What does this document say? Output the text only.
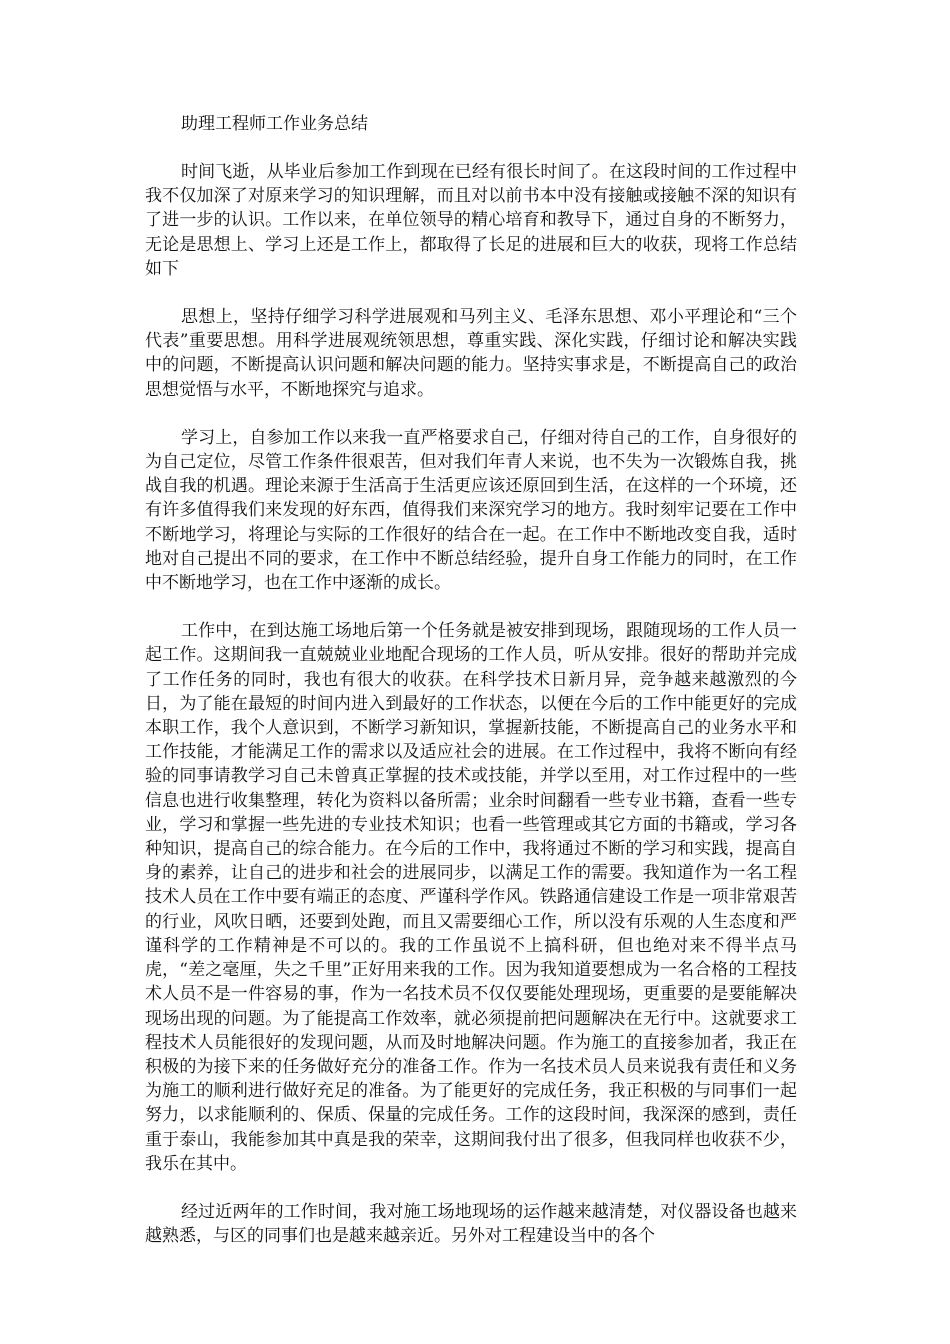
助理工程师工作业务总结

时间飞逝，从毕业后参加工作到现在已经有很长时间了。在这段时间的工作过程中我不仅加深了对原来学习的知识理解，而且对以前书本中没有接触或接触不深的知识有了进一步的认识。工作以来，在单位领导的精心培育和教导下，通过自身的不断努力，无论是思想上、学习上还是工作上，都取得了长足的进展和巨大的收获，现将工作总结如下

思想上，坚持仔细学习科学进展观和马列主义、毛泽东思想、邓小平理论和“三个代表”重要思想。用科学进展观统领思想，尊重实践、深化实践，仔细讨论和解决实践中的问题，不断提高认识问题和解决问题的能力。坚持实事求是，不断提高自己的政治思想觉悟与水平，不断地探究与追求。

学习上，自参加工作以来我一直严格要求自己，仔细对待自己的工作，自身很好的为自己定位，尽管工作条件很艰苦，但对我们年青人来说，也不失为一次锻炼自我，挑战自我的机遇。理论来源于生活高于生活更应该还原回到生活，在这样的一个环境，还有许多值得我们来发现的好东西，值得我们来深究学习的地方。我时刻牢记要在工作中不断地学习，将理论与实际的工作很好的结合在一起。在工作中不断地改变自我，适时地对自己提出不同的要求，在工作中不断总结经验，提升自身工作能力的同时，在工作中不断地学习，也在工作中逐渐的成长。

工作中，在到达施工场地后第一个任务就是被安排到现场，跟随现场的工作人员一起工作。这期间我一直兢兢业业地配合现场的工作人员，听从安排。很好的帮助并完成了工作任务的同时，我也有很大的收获。在科学技术日新月异，竞争越来越激烈的今日，为了能在最短的时间内进入到最好的工作状态，以便在今后的工作中能更好的完成本职工作，我个人意识到，不断学习新知识，掌握新技能，不断提高自己的业务水平和工作技能，才能满足工作的需求以及适应社会的进展。在工作过程中，我将不断向有经验的同事请教学习自己未曾真正掌握的技术或技能，并学以至用，对工作过程中的一些信息也进行收集整理，转化为资料以备所需；业余时间翻看一些专业书籍，查看一些专业，学习和掌握一些先进的专业技术知识；也看一些管理或其它方面的书籍或，学习各种知识，提高自己的综合能力。在今后的工作中，我将通过不断的学习和实践，提高自身的素养，让自己的进步和社会的进展同步，以满足工作的需要。我知道作为一名工程技术人员在工作中要有端正的态度、严谨科学作风。铁路通信建设工作是一项非常艰苦的行业，风吹日晒，还要到处跑，而且又需要细心工作，所以没有乐观的人生态度和严谨科学的工作精神是不可以的。我的工作虽说不上搞科研，但也绝对来不得半点马虎，“差之毫厘，失之千里”正好用来我的工作。因为我知道要想成为一名合格的工程技术人员不是一件容易的事，作为一名技术员不仅仅要能处理现场，更重要的是要能解决现场出现的问题。为了能提高工作效率，就必须提前把问题解决在无行中。这就要求工程技术人员能很好的发现问题，从而及时地解决问题。作为施工的直接参加者，我正在积极的为接下来的任务做好充分的准备工作。作为一名技术员人员来说我有责任和义务为施工的顺利进行做好充足的准备。为了能更好的完成任务，我正积极的与同事们一起努力，以求能顺利的、保质、保量的完成任务。工作的这段时间，我深深的感到，责任重于泰山，我能参加其中真是我的荣幸，这期间我付出了很多，但我同样也收获不少，我乐在其中。

经过近两年的工作时间，我对施工场地现场的运作越来越清楚，对仪器设备也越来越熟悉，与区的同事们也是越来越亲近。另外对工程建设当中的各个
